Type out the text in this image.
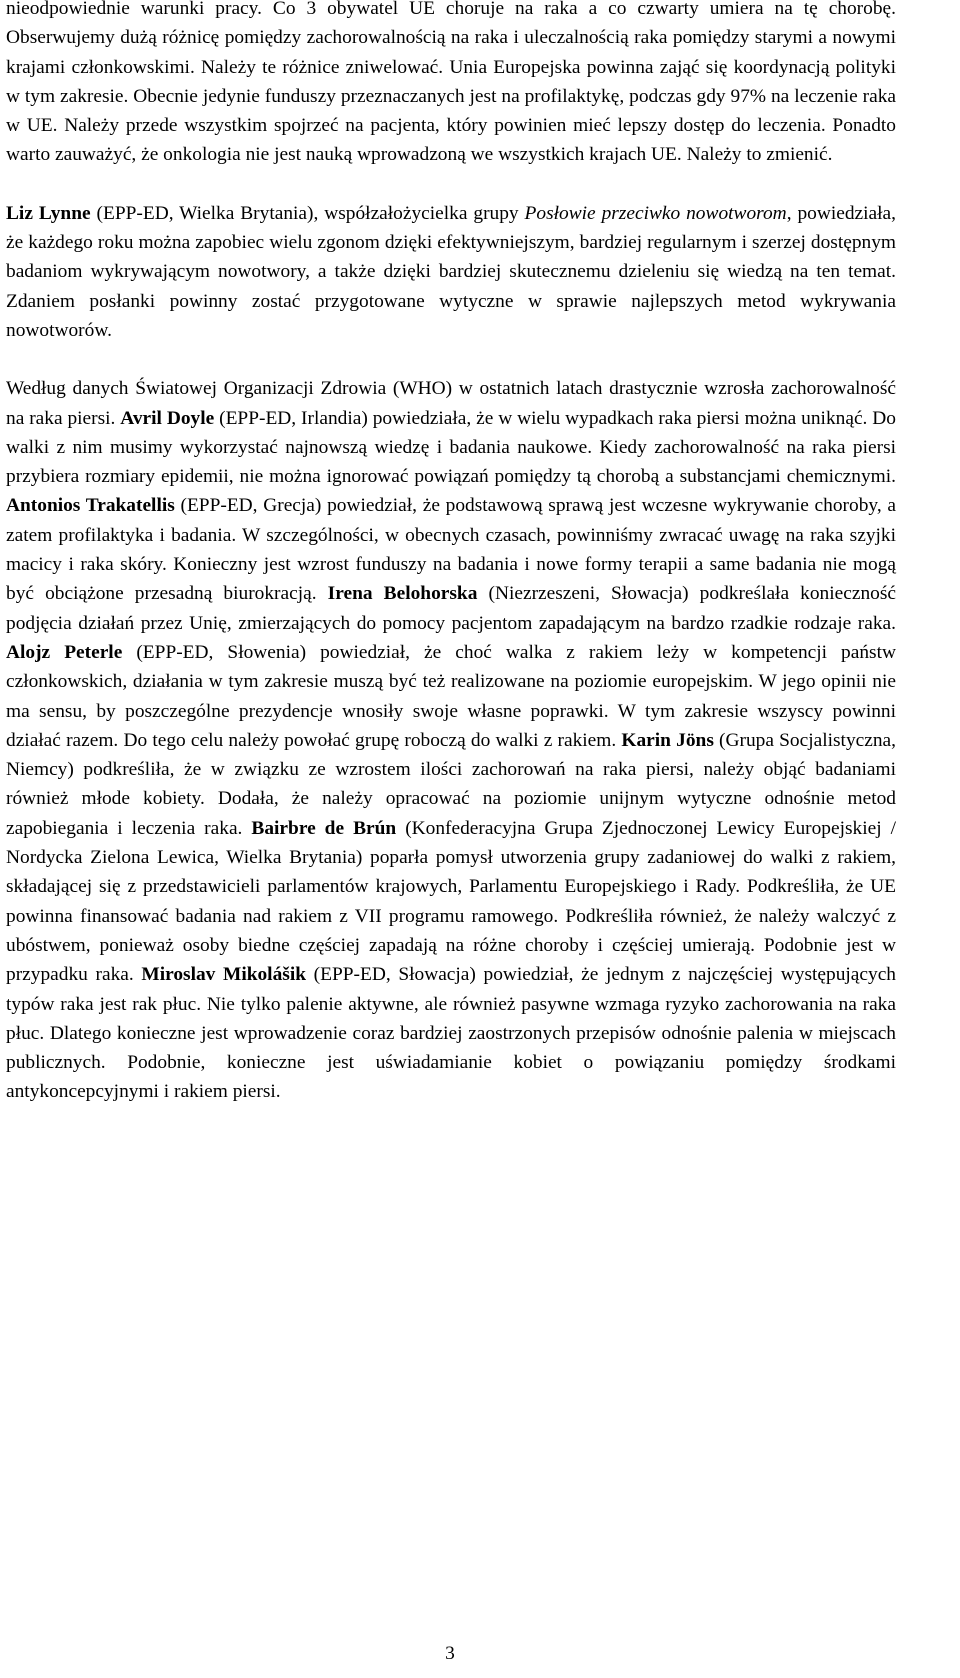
nieodpowiednie warunki pracy. Co 3 obywatel UE choruje na raka a co czwarty umiera na tę chorobę. Obserwujemy dużą różnicę pomiędzy zachorowalnością na raka i uleczalnością raka pomiędzy starymi a nowymi krajami członkowskimi. Należy te różnice zniwelować. Unia Europejska powinna zająć się koordynacją polityki w tym zakresie. Obecnie jedynie funduszy przeznaczanych jest na profilaktykę, podczas gdy 97% na leczenie raka w UE. Należy przede wszystkim spojrzeć na pacjenta, który powinien mieć lepszy dostęp do leczenia. Ponadto warto zauważyć, że onkologia nie jest nauką wprowadzoną we wszystkich krajach UE. Należy to zmienić.

Liz Lynne (EPP-ED, Wielka Brytania), współzałożycielka grupy Posłowie przeciwko nowotworom, powiedziała, że każdego roku można zapobiec wielu zgonom dzięki efektywniejszym, bardziej regularnym i szerzej dostępnym badaniom wykrywającym nowotwory, a także dzięki bardziej skutecznemu dzieleniu się wiedzą na ten temat. Zdaniem posłanki powinny zostać przygotowane wytyczne w sprawie najlepszych metod wykrywania nowotworów.

Według danych Światowej Organizacji Zdrowia (WHO) w ostatnich latach drastycznie wzrosła zachorowalność na raka piersi. Avril Doyle (EPP-ED, Irlandia) powiedziała, że w wielu wypadkach raka piersi można uniknąć. Do walki z nim musimy wykorzystać najnowszą wiedzę i badania naukowe. Kiedy zachorowalność na raka piersi przybiera rozmiary epidemii, nie można ignorować powiązań pomiędzy tą chorobą a substancjami chemicznymi. Antonios Trakatellis (EPP-ED, Grecja) powiedział, że podstawową sprawą jest wczesne wykrywanie choroby, a zatem profilaktyka i badania. W szczególności, w obecnych czasach, powinniśmy zwracać uwagę na raka szyjki macicy i raka skóry. Konieczny jest wzrost funduszy na badania i nowe formy terapii a same badania nie mogą być obciążone przesadną biurokracją. Irena Belohorska (Niezrzeszeni, Słowacja) podkreślała konieczność podjęcia działań przez Unię, zmierzających do pomocy pacjentom zapadającym na bardzo rzadkie rodzaje raka. Alojz Peterle (EPP-ED, Słowenia) powiedział, że choć walka z rakiem leży w kompetencji państw członkowskich, działania w tym zakresie muszą być też realizowane na poziomie europejskim. W jego opinii nie ma sensu, by poszczególne prezydencje wnosiły swoje własne poprawki. W tym zakresie wszyscy powinni działać razem. Do tego celu należy powołać grupę roboczą do walki z rakiem. Karin Jöns (Grupa Socjalistyczna, Niemcy) podkreśliła, że w związku ze wzrostem ilości zachorowań na raka piersi, należy objąć badaniami również młode kobiety. Dodała, że należy opracować na poziomie unijnym wytyczne odnośnie metod zapobiegania i leczenia raka. Bairbre de Brún (Konfederacyjna Grupa Zjednoczonej Lewicy Europejskiej / Nordycka Zielona Lewica, Wielka Brytania) poparła pomysł utworzenia grupy zadaniowej do walki z rakiem, składającej się z przedstawicieli parlamentów krajowych, Parlamentu Europejskiego i Rady. Podkreśliła, że UE powinna finansować badania nad rakiem z VII programu ramowego. Podkreśliła również, że należy walczyć z ubóstwem, ponieważ osoby biedne częściej zapadają na różne choroby i częściej umierają. Podobnie jest w przypadku raka. Miroslav Mikolášik (EPP-ED, Słowacja) powiedział, że jednym z najczęściej występujących typów raka jest rak płuc. Nie tylko palenie aktywne, ale również pasywne wzmaga ryzyko zachorowania na raka płuc. Dlatego konieczne jest wprowadzenie coraz bardziej zaostrzonych przepisów odnośnie palenia w miejscach publicznych. Podobnie, konieczne jest uświadamianie kobiet o powiązaniu pomiędzy środkami antykoncepcyjnymi i rakiem piersi.

3
